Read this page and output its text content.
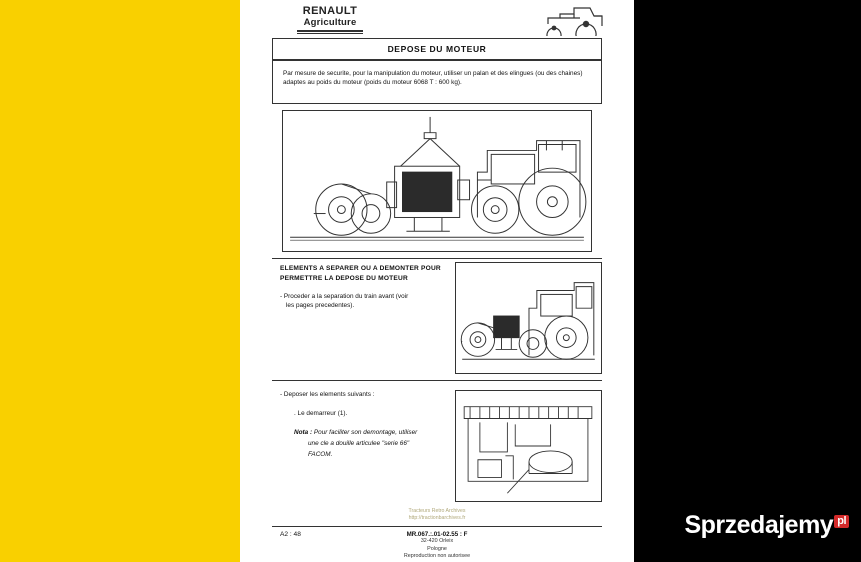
Sprzedajemy pl
RENAULT
Agriculture
DEPOSE DU MOTEUR

Par mesure de securite, pour la manipulation du moteur, utiliser un palan et des elingues (ou des chaines) adaptes au poids du moteur (poids du moteur 6068 T : 600 kg).

ELEMENTS A SEPARER OU A DEMONTER POUR
PERMETTRE LA DEPOSE DU MOTEUR

- Proceder a la separation du train avant (voir

les pages precedentes).

- Deposer les elements suivants :

. Le demarreur (1).

Nota : Pour faciliter son demontage, utiliser

une cle a douille articulee "serie 66"

FACOM.

Tracteurs Retro Archives
http://tractionbarchives.fr
A2 : 48	MR.067.:.01-02.55 : F
32-420 Orleix
Pologne
Reproduction non autorisee
